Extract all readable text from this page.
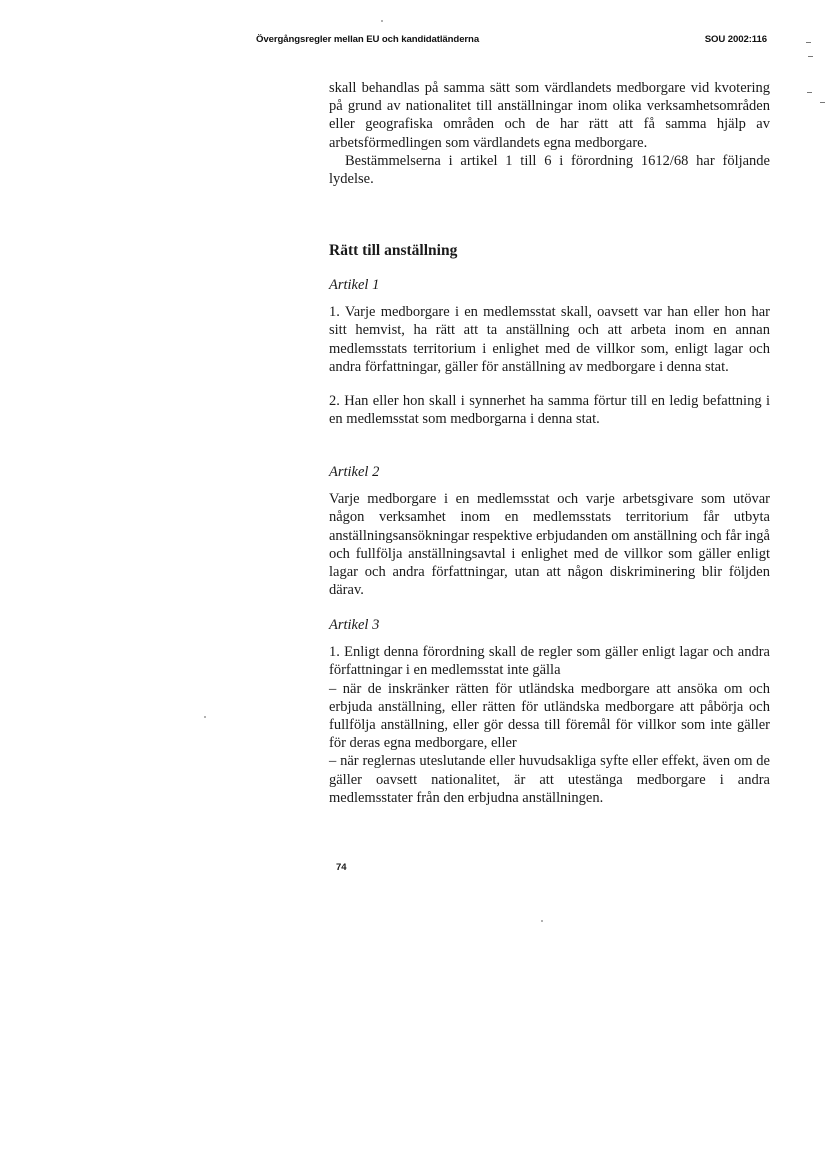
Övergångsregler mellan EU och kandidatländerna	SOU 2002:116

skall behandlas på samma sätt som värdlandets medborgare vid kvotering på grund av nationalitet till anställningar inom olika verksamhetsområden eller geografiska områden och de har rätt att få samma hjälp av arbetsförmedlingen som värdlandets egna medborgare.

Bestämmelserna i artikel 1 till 6 i förordning 1612/68 har följande lydelse.

Rätt till anställning
Artikel 1

1. Varje medborgare i en medlemsstat skall, oavsett var han eller hon har sitt hemvist, ha rätt att ta anställning och att arbeta inom en annan medlemsstats territorium i enlighet med de villkor som, enligt lagar och andra författningar, gäller för anställning av medborgare i denna stat.

2. Han eller hon skall i synnerhet ha samma förtur till en ledig befattning i en medlemsstat som medborgarna i denna stat.

Artikel 2

Varje medborgare i en medlemsstat och varje arbetsgivare som utövar någon verksamhet inom en medlemsstats territorium får utbyta anställningsansökningar respektive erbjudanden om anställning och får ingå och fullfölja anställningsavtal i enlighet med de villkor som gäller enligt lagar och andra författningar, utan att någon diskriminering blir följden därav.

Artikel 3

1. Enligt denna förordning skall de regler som gäller enligt lagar och andra författningar i en medlemsstat inte gälla

– när de inskränker rätten för utländska medborgare att ansöka om och erbjuda anställning, eller rätten för utländska medborgare att påbörja och fullfölja anställning, eller gör dessa till föremål för villkor som inte gäller för deras egna medborgare, eller

– när reglernas uteslutande eller huvudsakliga syfte eller effekt, även om de gäller oavsett nationalitet, är att utestänga medborgare i andra medlemsstater från den erbjudna anställningen.

74
